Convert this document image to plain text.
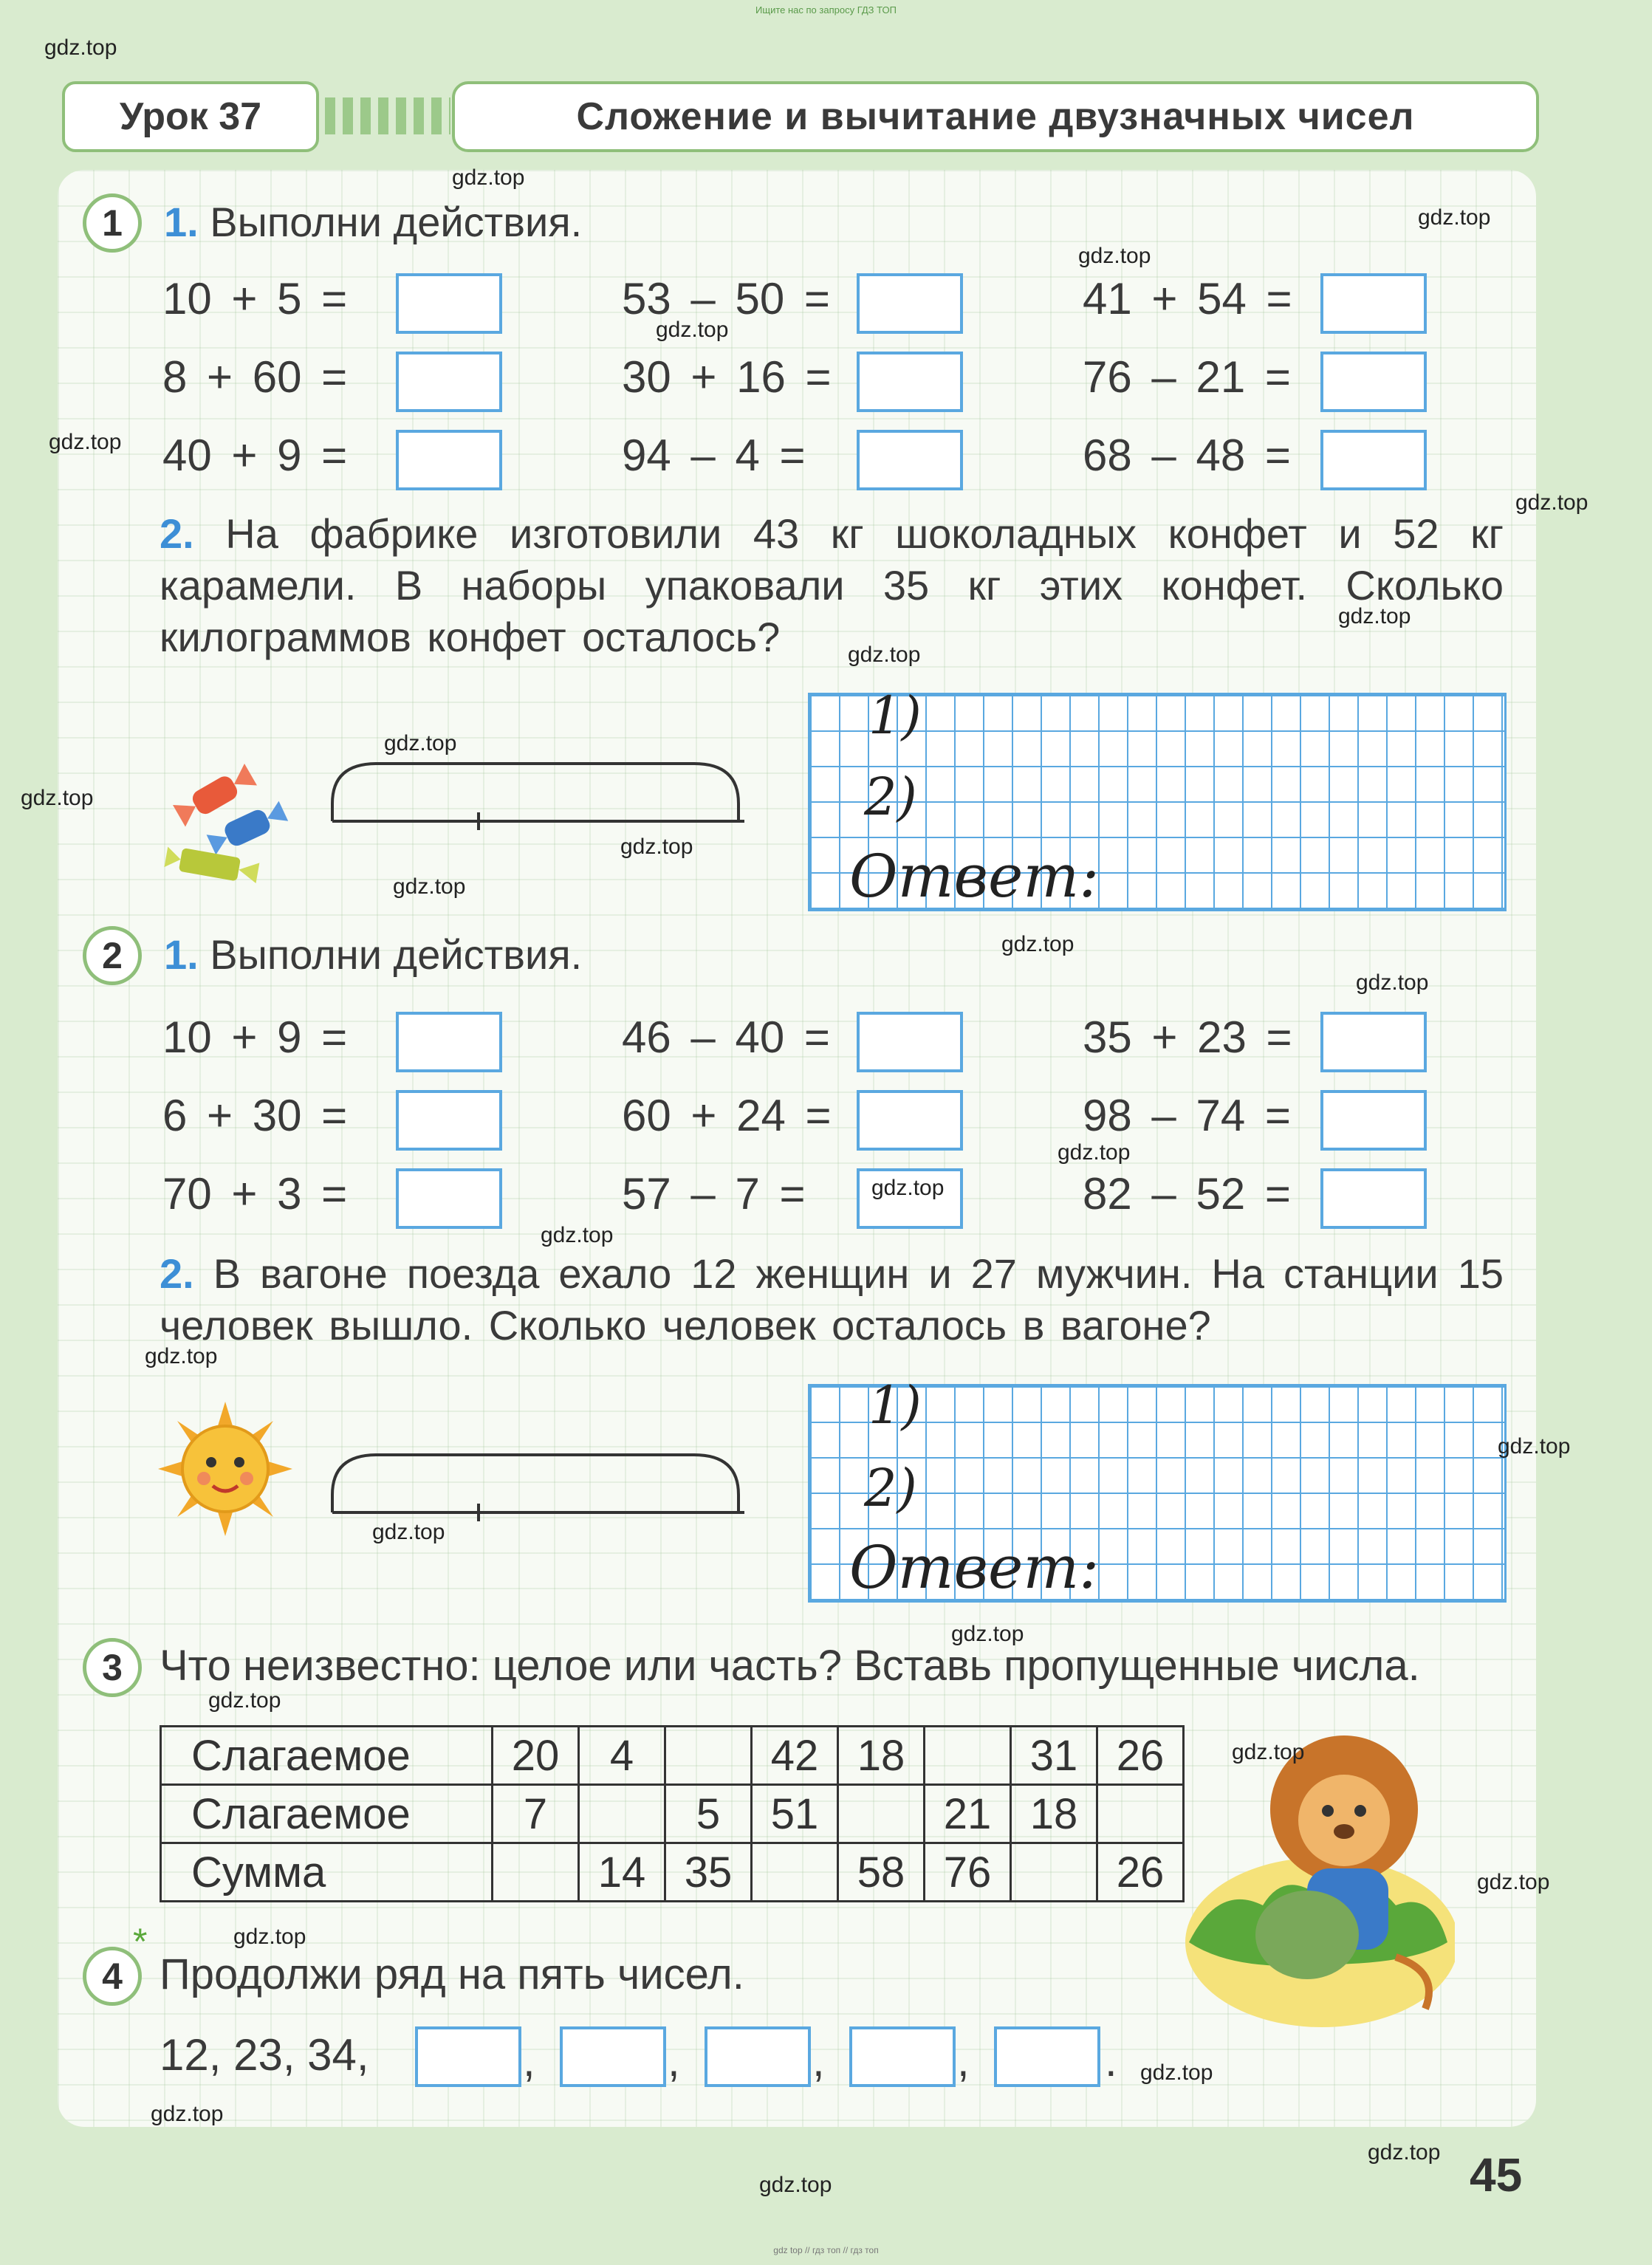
Ищите нас по запросу ГДЗ ТОП
Урок 37	Сложение и вычитание двузначных чисел
1	1. Выполни действия.
10 + 5 =	53 – 50 =	41 + 54 =
8 + 60 =	30 + 16 =	76 – 21 =
40 + 9 =	94 – 4 =	68 – 48 =
2. На фабрике изготовили 43 кг шоколадных конфет и 52 кг карамели. В наборы упаковали 35 кг этих конфет. Сколько килограммов конфет осталось?
1)
2)
Ответ:
2	1. Выполни действия.
10 + 9 =	46 – 40 =	35 + 23 =
6 + 30 =	60 + 24 =	98 – 74 =
70 + 3 =	57 – 7 =	82 – 52 =
2. В вагоне поезда ехало 12 женщин и 27 мужчин. На станции 15 человек вышло. Сколько человек осталось в вагоне?
1)
2)
Ответ:
3 Что неизвестно: целое или часть? Вставь пропущенные числа.
Слагаемое	20	4		42	18		31	26
Слагаемое	7		5	51		21	18	
Сумма		14	35		58	76		26
*
4 Продолжи ряд на пять чисел.
12, 23, 34,	,	,	,	,	.
45
gdz.top
gdz.top
gdz.top
gdz.top
gdz.top
gdz.top
gdz.top
gdz.top
gdz.top
gdz.top
gdz.top
gdz.top
gdz.top
gdz.top
gdz.top
gdz.top
gdz.top
gdz.top
gdz.top
gdz.top
gdz.top
gdz.top
gdz.top
gdz.top
gdz.top
gdz.top
gdz.top
gdz.top
gdz.top
gdz.top
gdz top // гдз топ // гдз топ
